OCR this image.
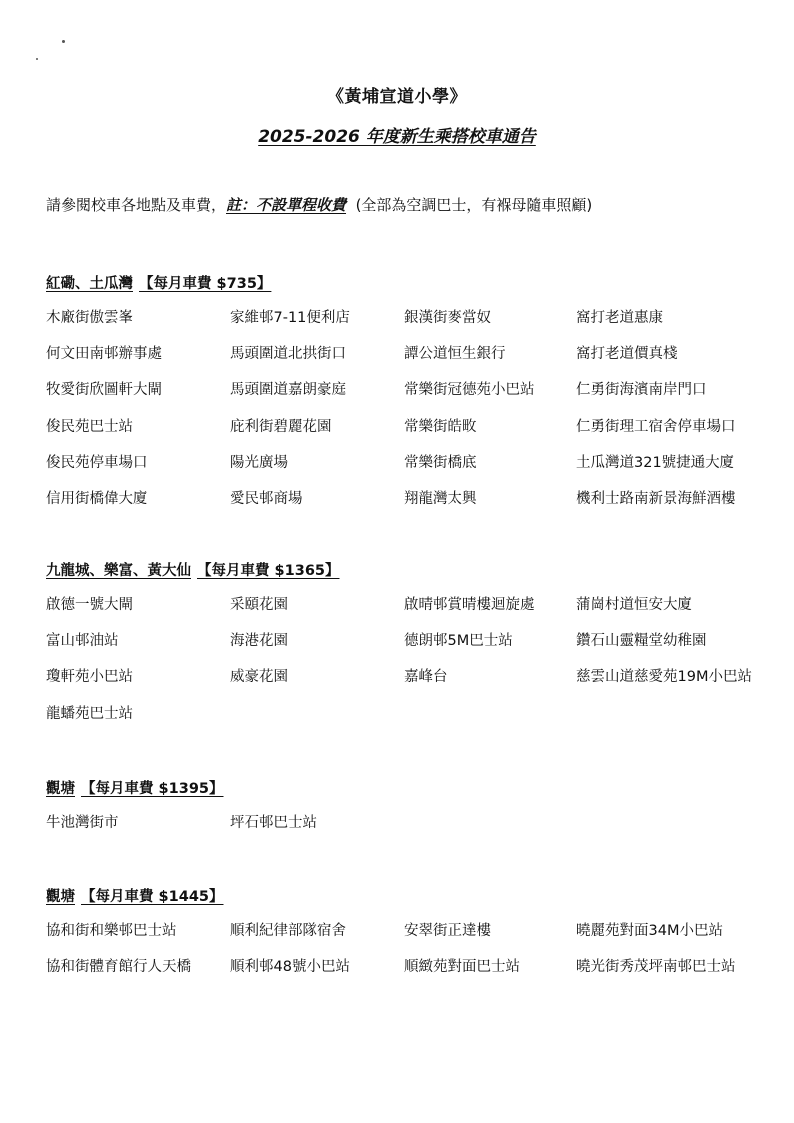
《黃埔宣道小學》
2025-2026 年度新生乘搭校車通告
請參閱校車各地點及車費，註：不設單程收費 (全部為空調巴士，有褓母隨車照顧)
紅磡、土瓜灣 【每月車費 $735】
木廠街傲雲峯	家維邨7-11便利店	銀漢街麥當奴	窩打老道惠康
何文田南邨辦事處	馬頭圍道北拱街口	譚公道恒生銀行	窩打老道價真棧
牧愛街欣圖軒大閘	馬頭圍道嘉朗豪庭	常樂街冠德苑小巴站	仁勇街海濱南岸門口
俊民苑巴士站	庇利街碧麗花園	常樂街皓畋	仁勇街理工宿舍停車場口
俊民苑停車場口	陽光廣場	常樂街橋底	土瓜灣道321號捷通大廈
信用街橋偉大廈	愛民邨商場	翔龍灣太興	機利士路南新景海鮮酒樓
九龍城、樂富、黃大仙 【每月車費 $1365】
啟德一號大閘	采頤花園	啟晴邨賞晴樓迴旋處	蒲崗村道恒安大廈
富山邨油站	海港花園	德朗邨5M巴士站	鑽石山靈糧堂幼稚園
瓊軒苑小巴站	威豪花園	嘉峰台	慈雲山道慈愛苑19M小巴站
龍蟠苑巴士站
觀塘 【每月車費 $1395】
牛池灣街市	坪石邨巴士站
觀塘 【每月車費 $1445】
協和街和樂邨巴士站	順利紀律部隊宿舍	安翠街正達樓	曉麗苑對面34M小巴站
協和街體育館行人天橋	順利邨48號小巴站	順緻苑對面巴士站	曉光街秀茂坪南邨巴士站
